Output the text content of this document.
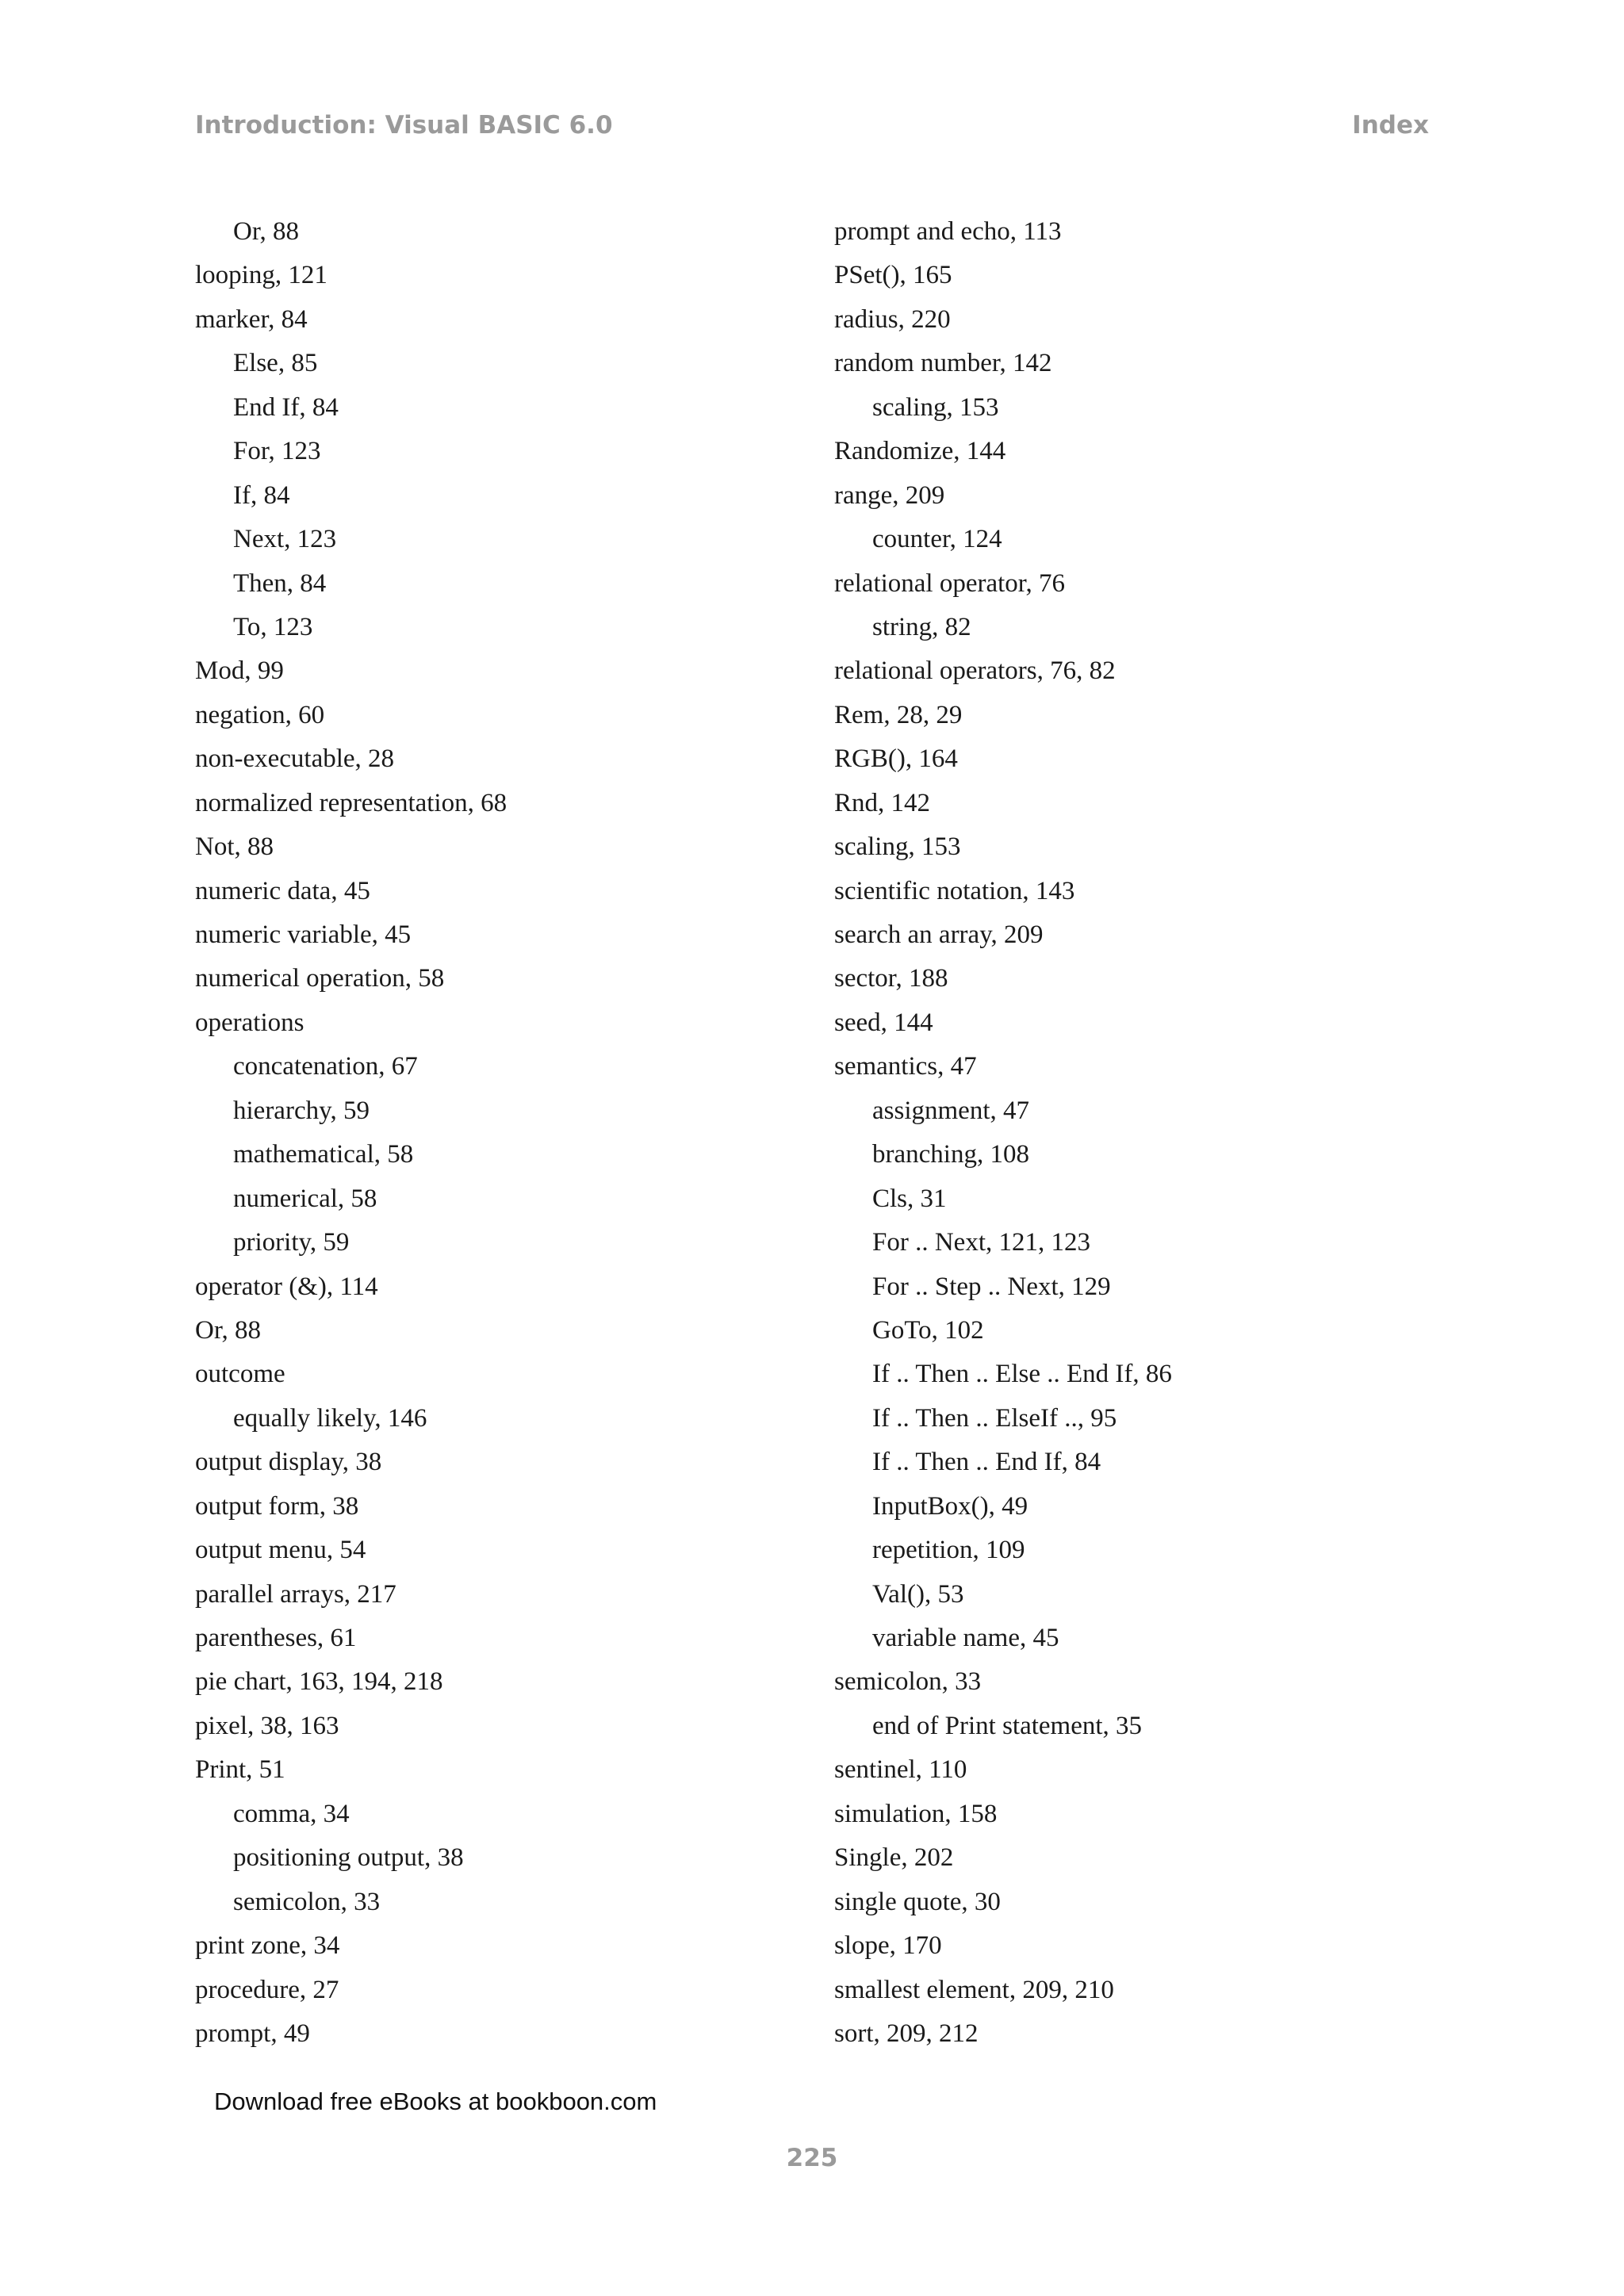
Introduction: Visual BASIC 6.0	Index
Or, 88
looping, 121
marker, 84
Else, 85
End If, 84
For, 123
If, 84
Next, 123
Then, 84
To, 123
Mod, 99
negation, 60
non-executable, 28
normalized representation, 68
Not, 88
numeric data, 45
numeric variable, 45
numerical operation, 58
operations
concatenation, 67
hierarchy, 59
mathematical, 58
numerical, 58
priority, 59
operator (&), 114
Or, 88
outcome
equally likely, 146
output display, 38
output form, 38
output menu, 54
parallel arrays, 217
parentheses, 61
pie chart, 163, 194, 218
pixel, 38, 163
Print, 51
comma, 34
positioning output, 38
semicolon, 33
print zone, 34
procedure, 27
prompt, 49
prompt and echo, 113
PSet(), 165
radius, 220
random number, 142
scaling, 153
Randomize, 144
range, 209
counter, 124
relational operator, 76
string, 82
relational operators, 76, 82
Rem, 28, 29
RGB(), 164
Rnd, 142
scaling, 153
scientific notation, 143
search an array, 209
sector, 188
seed, 144
semantics, 47
assignment, 47
branching, 108
Cls, 31
For .. Next, 121, 123
For .. Step .. Next, 129
GoTo, 102
If .. Then .. Else .. End If, 86
If .. Then .. ElseIf .., 95
If .. Then .. End If, 84
InputBox(), 49
repetition, 109
Val(), 53
variable name, 45
semicolon, 33
end of Print statement, 35
sentinel, 110
simulation, 158
Single, 202
single quote, 30
slope, 170
smallest element, 209, 210
sort, 209, 212
Download free eBooks at bookboon.com
225
